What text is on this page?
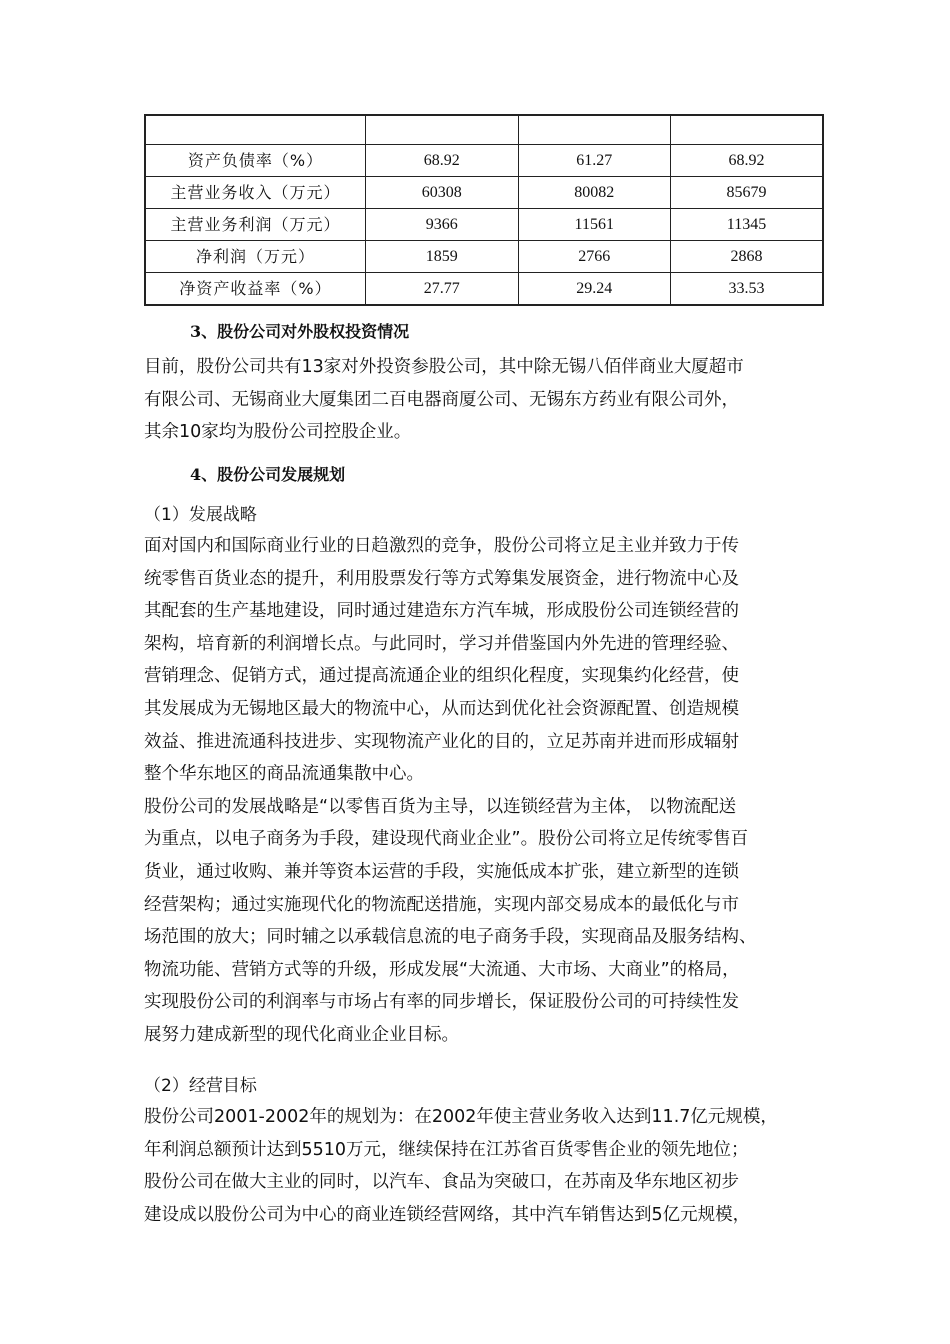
资产负债率（%）	68.92	61.27	68.92
主营业务收入（万元）	60308	80082	85679
主营业务利润（万元）	9366	11561	11345
净利润（万元）	1859	2766	2868
净资产收益率（%）	27.77	29.24	33.53
3、股份公司对外股权投资情况
目前，股份公司共有13家对外投资参股公司，其中除无锡八佰伴商业大厦超市
有限公司、无锡商业大厦集团二百电器商厦公司、无锡东方药业有限公司外，
其余10家均为股份公司控股企业。
4、股份公司发展规划
（1）发展战略
面对国内和国际商业行业的日趋激烈的竞争，股份公司将立足主业并致力于传
统零售百货业态的提升，利用股票发行等方式筹集发展资金，进行物流中心及
其配套的生产基地建设，同时通过建造东方汽车城，形成股份公司连锁经营的
架构，培育新的利润增长点。与此同时，学习并借鉴国内外先进的管理经验、
营销理念、促销方式，通过提高流通企业的组织化程度，实现集约化经营，使
其发展成为无锡地区最大的物流中心，从而达到优化社会资源配置、创造规模
效益、推进流通科技进步、实现物流产业化的目的，立足苏南并进而形成辐射
整个华东地区的商品流通集散中心。
股份公司的发展战略是“以零售百货为主导，以连锁经营为主体， 以物流配送
为重点，以电子商务为手段，建设现代商业企业”。股份公司将立足传统零售百
货业，通过收购、兼并等资本运营的手段，实施低成本扩张，建立新型的连锁
经营架构；通过实施现代化的物流配送措施，实现内部交易成本的最低化与市
场范围的放大；同时辅之以承载信息流的电子商务手段，实现商品及服务结构、
物流功能、营销方式等的升级，形成发展“大流通、大市场、大商业”的格局，
实现股份公司的利润率与市场占有率的同步增长，保证股份公司的可持续性发
展努力建成新型的现代化商业企业目标。
（2）经营目标
股份公司2001-2002年的规划为：在2002年使主营业务收入达到11.7亿元规模，
年利润总额预计达到5510万元，继续保持在江苏省百货零售企业的领先地位；
股份公司在做大主业的同时，以汽车、食品为突破口，在苏南及华东地区初步
建设成以股份公司为中心的商业连锁经营网络，其中汽车销售达到5亿元规模，
